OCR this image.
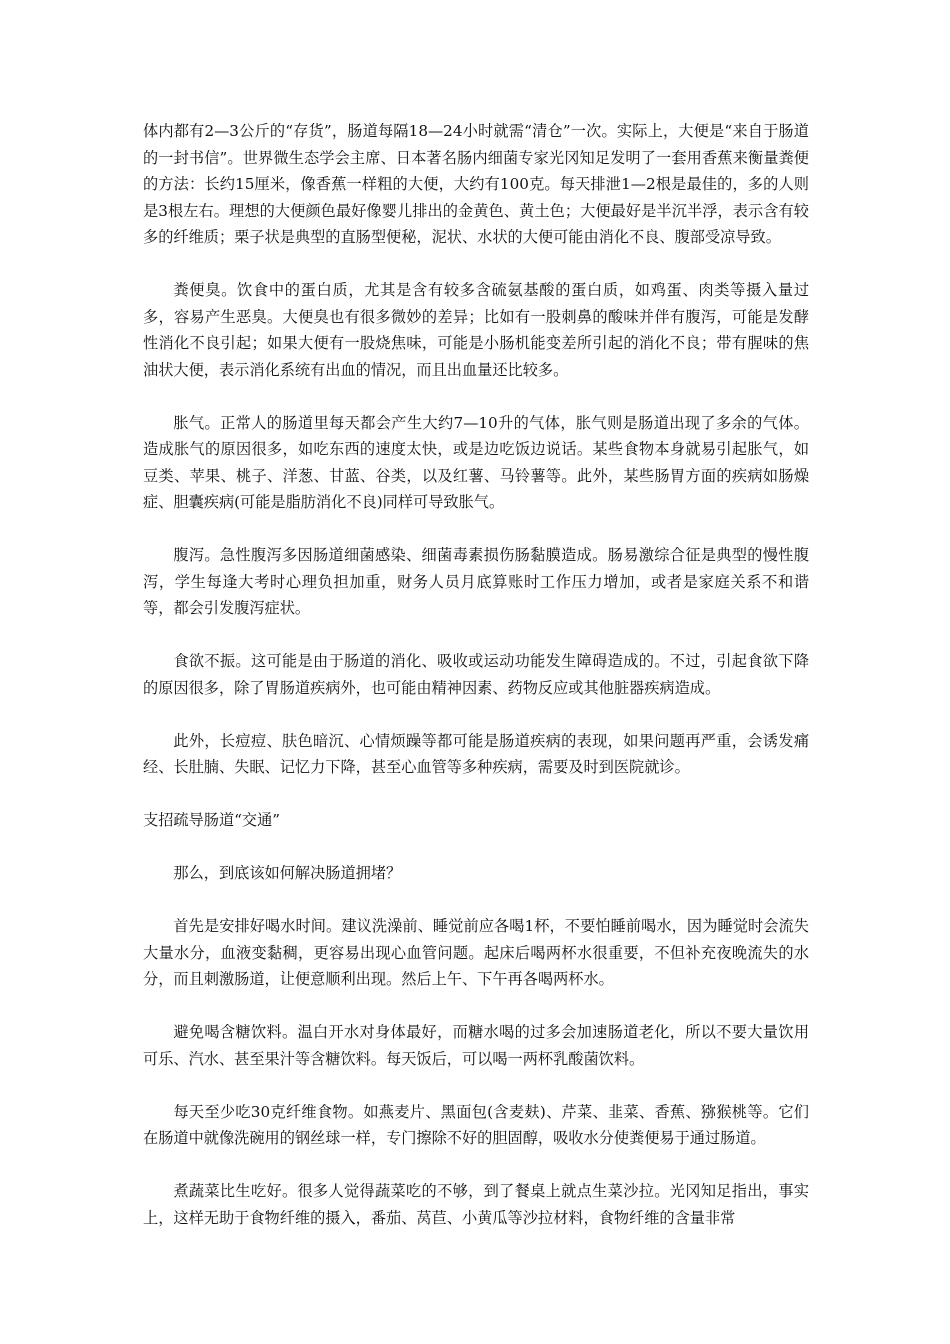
体内都有2—3公斤的“存货”，肠道每隔18—24小时就需“清仓”一次。实际上，大便是“来自于肠道的一封书信”。世界微生态学会主席、日本著名肠内细菌专家光冈知足发明了一套用香蕉来衡量粪便的方法：长约15厘米，像香蕉一样粗的大便，大约有100克。每天排泄1—2根是最佳的，多的人则是3根左右。理想的大便颜色最好像婴儿排出的金黄色、黄土色；大便最好是半沉半浮，表示含有较多的纤维质；栗子状是典型的直肠型便秘，泥状、水状的大便可能由消化不良、腹部受凉导致。

粪便臭。饮食中的蛋白质，尤其是含有较多含硫氨基酸的蛋白质，如鸡蛋、肉类等摄入量过多，容易产生恶臭。大便臭也有很多微妙的差异；比如有一股刺鼻的酸味并伴有腹泻，可能是发酵性消化不良引起；如果大便有一股烧焦味，可能是小肠机能变差所引起的消化不良；带有腥味的焦油状大便，表示消化系统有出血的情况，而且出血量还比较多。

胀气。正常人的肠道里每天都会产生大约7—10升的气体，胀气则是肠道出现了多余的气体。造成胀气的原因很多，如吃东西的速度太快，或是边吃饭边说话。某些食物本身就易引起胀气，如豆类、苹果、桃子、洋葱、甘蓝、谷类，以及红薯、马铃薯等。此外，某些肠胃方面的疾病如肠燥症、胆囊疾病(可能是脂肪消化不良)同样可导致胀气。

腹泻。急性腹泻多因肠道细菌感染、细菌毒素损伤肠黏膜造成。肠易激综合征是典型的慢性腹泻，学生每逢大考时心理负担加重，财务人员月底算账时工作压力增加，或者是家庭关系不和谐等，都会引发腹泻症状。

食欲不振。这可能是由于肠道的消化、吸收或运动功能发生障碍造成的。不过，引起食欲下降的原因很多，除了胃肠道疾病外，也可能由精神因素、药物反应或其他脏器疾病造成。

此外，长痘痘、肤色暗沉、心情烦躁等都可能是肠道疾病的表现，如果问题再严重，会诱发痛经、长肚腩、失眠、记忆力下降，甚至心血管等多种疾病，需要及时到医院就诊。

支招疏导肠道“交通”

那么，到底该如何解决肠道拥堵？

首先是安排好喝水时间。建议洗澡前、睡觉前应各喝1杯，不要怕睡前喝水，因为睡觉时会流失大量水分，血液变黏稠，更容易出现心血管问题。起床后喝两杯水很重要，不但补充夜晚流失的水分，而且刺激肠道，让便意顺利出现。然后上午、下午再各喝两杯水。

避免喝含糖饮料。温白开水对身体最好，而糖水喝的过多会加速肠道老化，所以不要大量饮用可乐、汽水、甚至果汁等含糖饮料。每天饭后，可以喝一两杯乳酸菌饮料。

每天至少吃30克纤维食物。如燕麦片、黑面包(含麦麸)、芹菜、韭菜、香蕉、猕猴桃等。它们在肠道中就像洗碗用的钢丝球一样，专门擦除不好的胆固醇，吸收水分使粪便易于通过肠道。

煮蔬菜比生吃好。很多人觉得蔬菜吃的不够，到了餐桌上就点生菜沙拉。光冈知足指出，事实上，这样无助于食物纤维的摄入，番茄、莴苣、小黄瓜等沙拉材料，食物纤维的含量非常
